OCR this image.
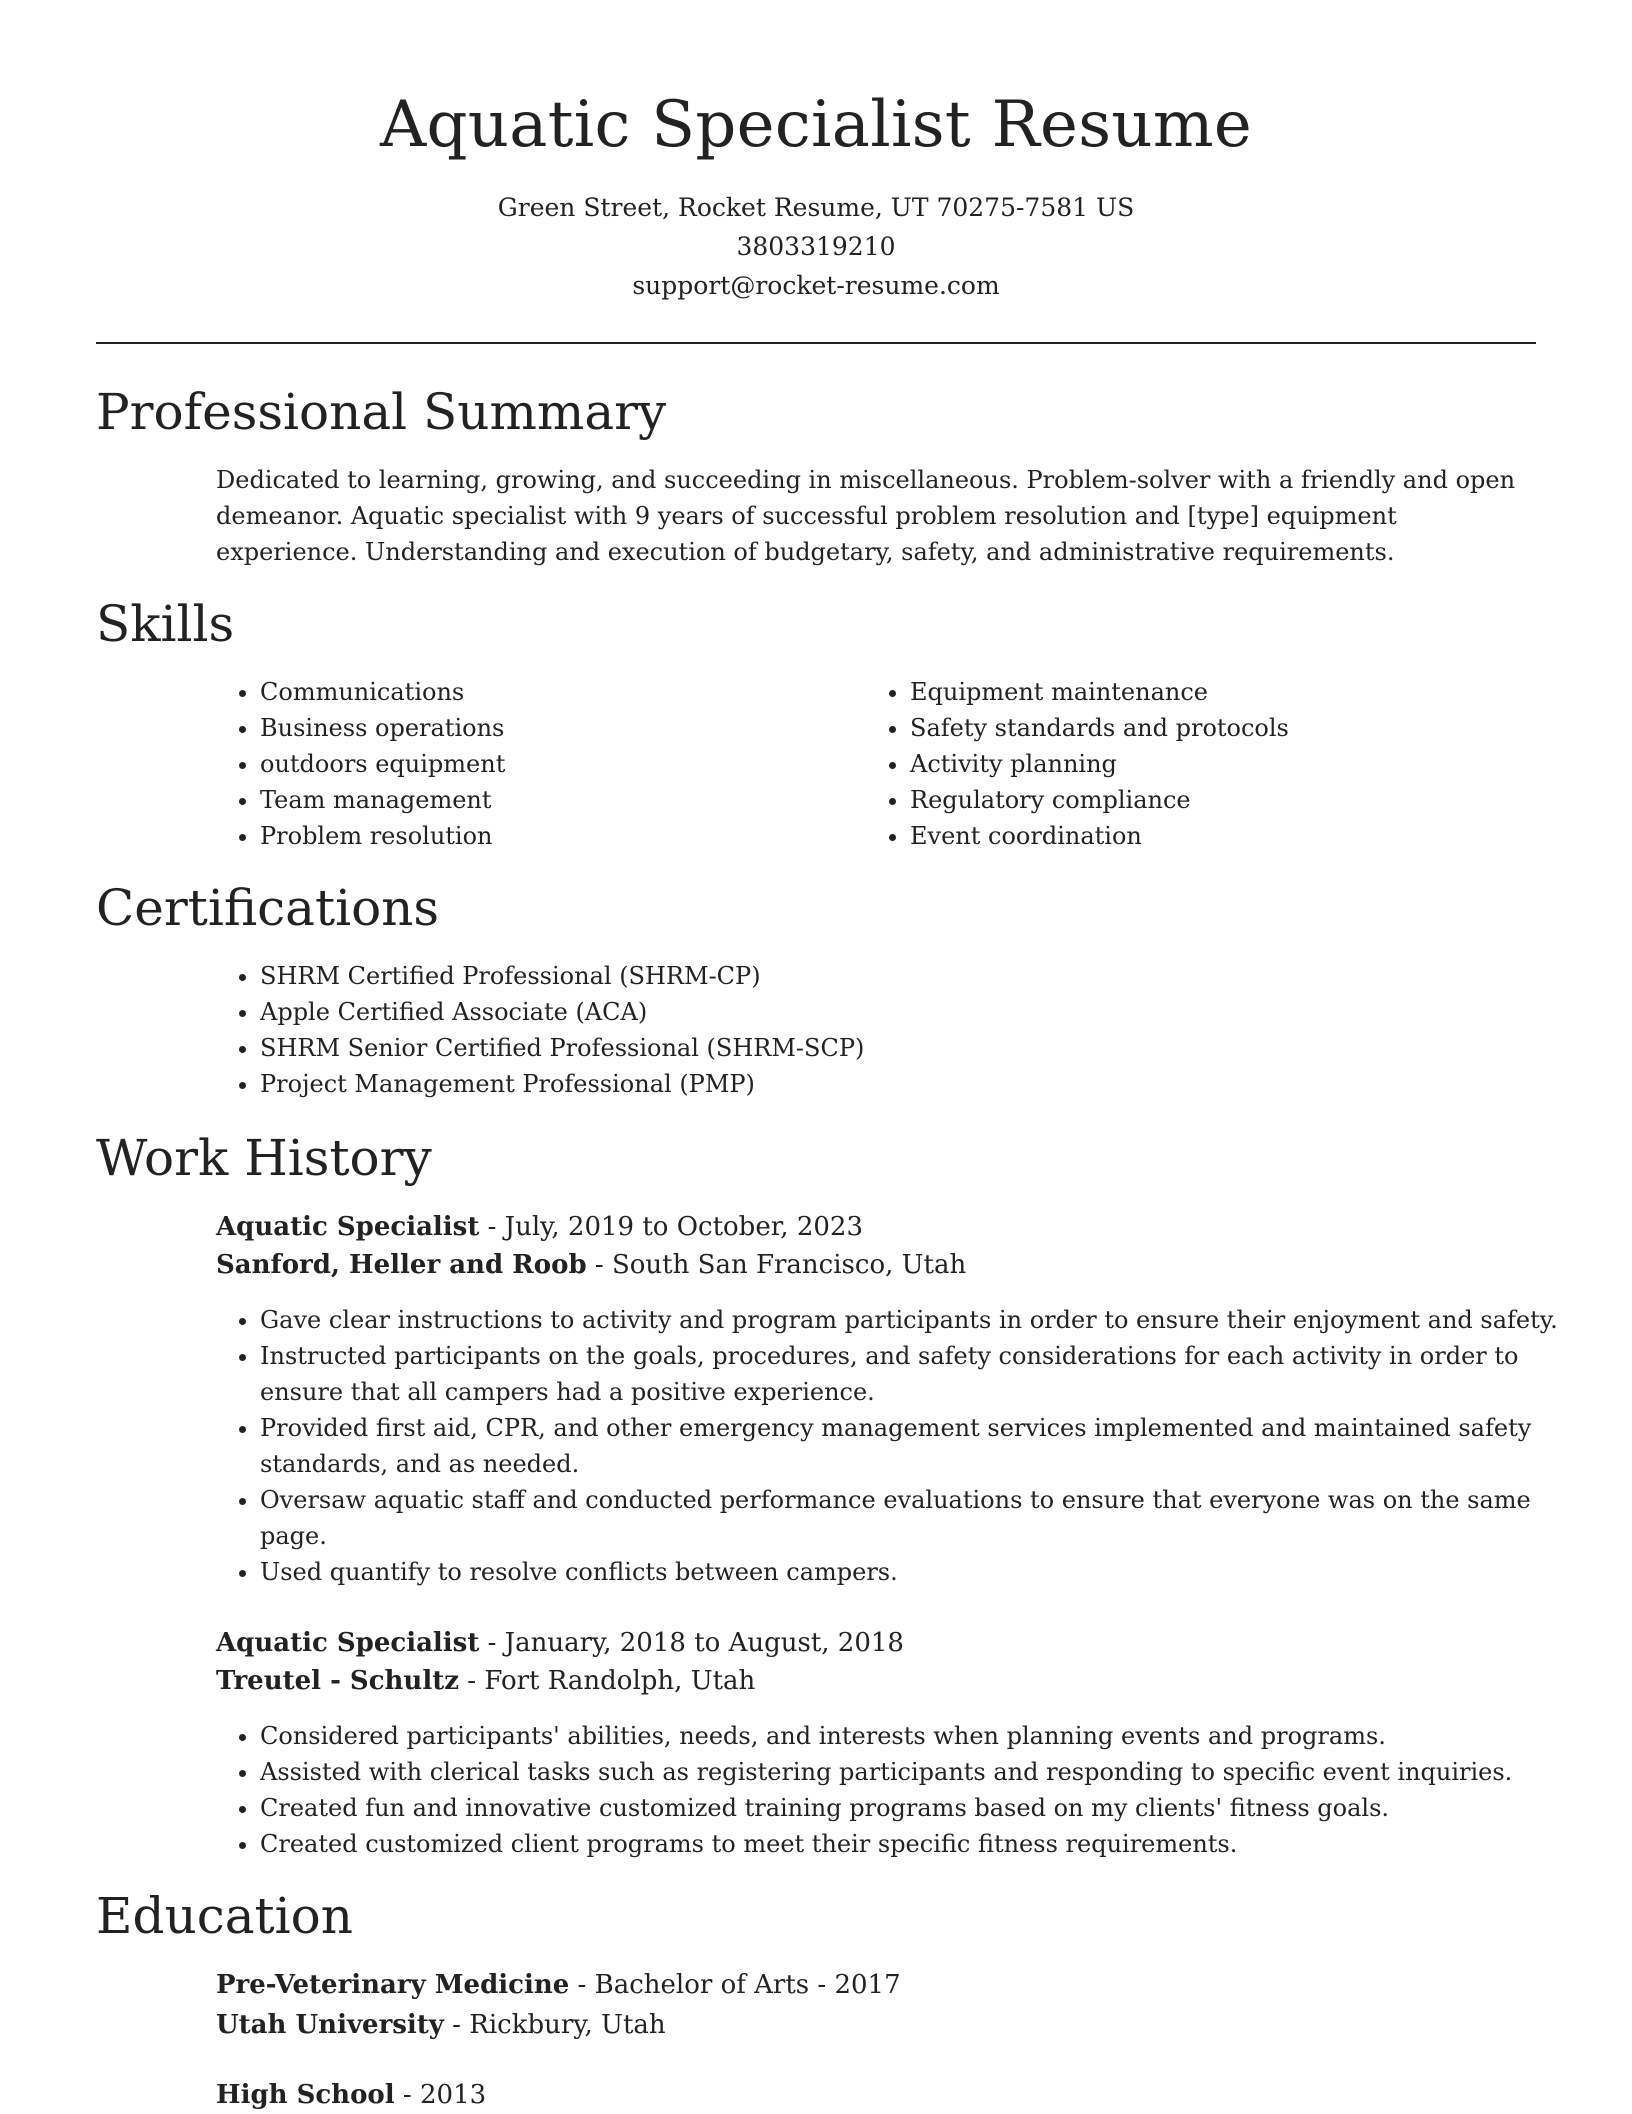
Aquatic Specialist Resume
Green Street, Rocket Resume, UT 70275-7581 US
3803319210
support@rocket-resume.com
Professional Summary

Dedicated to learning, growing, and succeeding in miscellaneous. Problem-solver with a friendly and open demeanor. Aquatic specialist with 9 years of successful problem resolution and [type] equipment experience. Understanding and execution of budgetary, safety, and administrative requirements.

Skills
• Communications
• Business operations
• outdoors equipment
• Team management
• Problem resolution
• Equipment maintenance
• Safety standards and protocols
• Activity planning
• Regulatory compliance
• Event coordination
Certifications
• SHRM Certified Professional (SHRM-CP)
• Apple Certified Associate (ACA)
• SHRM Senior Certified Professional (SHRM-SCP)
• Project Management Professional (PMP)
Work History
Aquatic Specialist - July, 2019 to October, 2023
Sanford, Heller and Roob - South San Francisco, Utah
• Gave clear instructions to activity and program participants in order to ensure their enjoyment and safety.
• Instructed participants on the goals, procedures, and safety considerations for each activity in order to ensure that all campers had a positive experience.
• Provided first aid, CPR, and other emergency management services implemented and maintained safety standards, and as needed.
• Oversaw aquatic staff and conducted performance evaluations to ensure that everyone was on the same page.
• Used quantify to resolve conflicts between campers.
Aquatic Specialist - January, 2018 to August, 2018
Treutel - Schultz - Fort Randolph, Utah
• Considered participants' abilities, needs, and interests when planning events and programs.
• Assisted with clerical tasks such as registering participants and responding to specific event inquiries.
• Created fun and innovative customized training programs based on my clients' fitness goals.
• Created customized client programs to meet their specific fitness requirements.
Education
Pre-Veterinary Medicine - Bachelor of Arts - 2017
Utah University - Rickbury, Utah
High School - 2013
